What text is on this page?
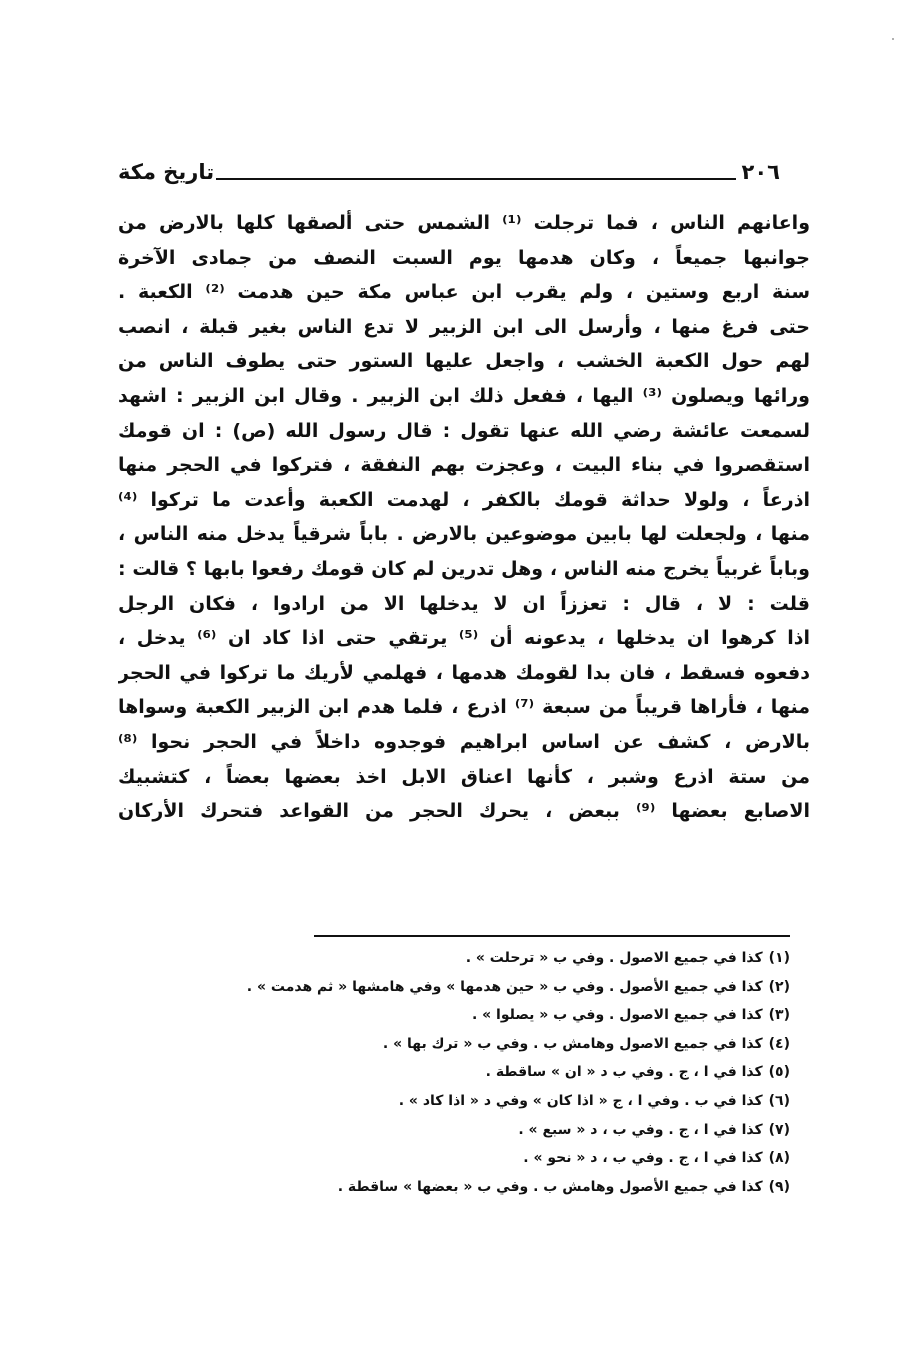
تاريخ مكة	٢٠٦
واعانهم الناس ، فما ترجلت ⁽¹⁾ الشمس حتى ألصقها كلها بالارض من
جوانبها جميعاً ، وكان هدمها يوم السبت النصف من جمادى الآخرة
سنة اربع وستين ، ولم يقرب ابن عباس مكة حين هدمت ⁽²⁾ الكعبة .
حتى فرغ منها ، وأرسل الى ابن الزبير لا تدع الناس بغير قبلة ، انصب
لهم حول الكعبة الخشب ، واجعل عليها الستور حتى يطوف الناس من
ورائها ويصلون ⁽³⁾ اليها ، ففعل ذلك ابن الزبير . وقال ابن الزبير : اشهد
لسمعت عائشة رضي الله عنها تقول : قال رسول الله (ص) : ان قومك
استقصروا في بناء البيت ، وعجزت بهم النفقة ، فتركوا في الحجر منها
اذرعاً ، ولولا حداثة قومك بالكفر ، لهدمت الكعبة وأعدت ما تركوا ⁽⁴⁾
منها ، ولجعلت لها بابين موضوعين بالارض . باباً شرقياً يدخل منه الناس ،
وباباً غربياً يخرج منه الناس ، وهل تدرين لم كان قومك رفعوا بابها ؟ قالت :
قلت : لا ، قال : تعززاً ان لا يدخلها الا من ارادوا ، فكان الرجل
اذا كرهوا ان يدخلها ، يدعونه أن ⁽⁵⁾ يرتقي حتى اذا كاد ان ⁽⁶⁾ يدخل ،
دفعوه فسقط ، فان بدا لقومك هدمها ، فهلمي لأريك ما تركوا في الحجر
منها ، فأراها قريباً من سبعة ⁽⁷⁾ اذرع ، فلما هدم ابن الزبير الكعبة وسواها
بالارض ، كشف عن اساس ابراهيم فوجدوه داخلاً في الحجر نحوا ⁽⁸⁾
من ستة اذرع وشبر ، كأنها اعناق الابل اخذ بعضها بعضاً ، كتشبيك
الاصابع بعضها ⁽⁹⁾ ببعض ، يحرك الحجر من القواعد فتحرك الأركان
(١)كذا في جميع الاصول . وفي ب « ترحلت » .
(٢)كذا في جميع الأصول . وفي ب « حين هدمها » وفي هامشها « ثم هدمت » .
(٣)كذا في جميع الاصول . وفي ب « يصلوا » .
(٤)كذا في جميع الاصول وهامش ب . وفي ب « ترك بها » .
(٥)كذا في ا ، ج . وفي ب د « ان » ساقطة .
(٦)كذا في ب . وفي ا ، ج « اذا كان » وفي د « اذا كاد » .
(٧)كذا في ا ، ج . وفي ب ، د « سبع » .
(٨)كذا في ا ، ج . وفي ب ، د « نحو » .
(٩)كذا في جميع الأصول وهامش ب . وفي ب « بعضها » ساقطة .
